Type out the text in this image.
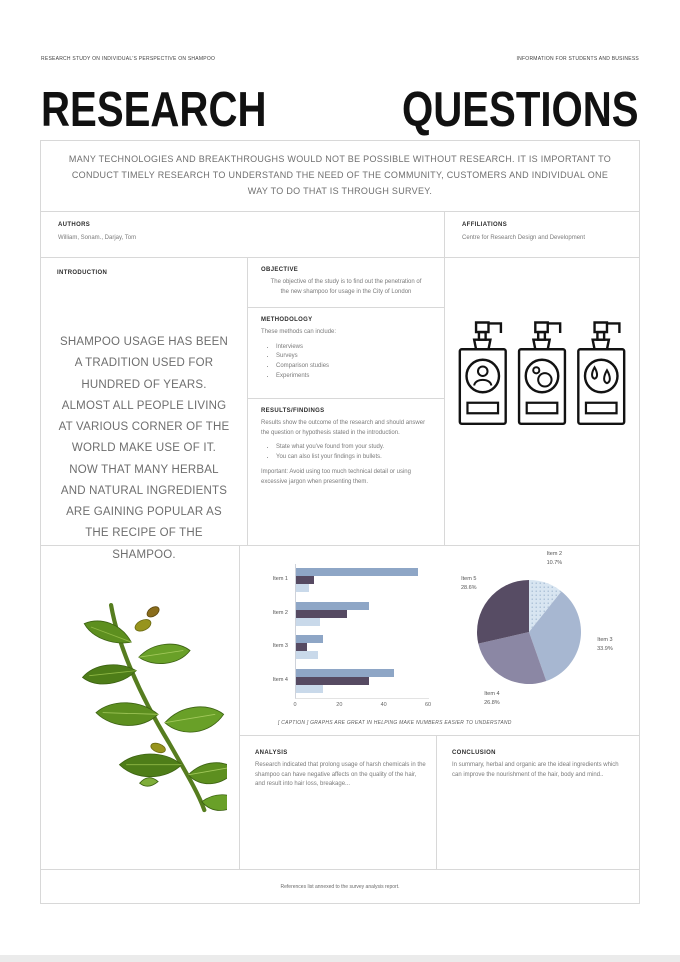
RESEARCH STUDY ON INDIVIDUAL'S PERSPECTIVE ON SHAMPOO	INFORMATION FOR STUDENTS AND BUSINESS
RESEARCH	QUESTIONS

MANY TECHNOLOGIES AND BREAKTHROUGHS WOULD NOT BE POSSIBLE WITHOUT RESEARCH. IT IS IMPORTANT TO CONDUCT TIMELY RESEARCH TO UNDERSTAND THE NEED OF THE COMMUNITY, CUSTOMERS AND INDIVIDUAL ONE WAY TO DO THAT IS THROUGH SURVEY.

AUTHORS
William, Sonam., Darjay, Tom
AFFILIATIONS
Centre for Research Design and Development
INTRODUCTION

SHAMPOO USAGE HAS BEEN A TRADITION USED FOR HUNDRED OF YEARS. ALMOST ALL PEOPLE LIVING AT VARIOUS CORNER OF THE WORLD MAKE USE OF IT. NOW THAT MANY HERBAL AND NATURAL INGREDIENTS ARE GAINING POPULAR AS THE RECIPE OF THE SHAMPOO.

OBJECTIVE

The objective of the study is to find out the penetration of the new shampoo for usage in the City of London

METHODOLOGY

These methods can include:

• Interviews
• Surveys
• Comparison studies
• Experiments
RESULTS/FINDINGS

Results show the outcome of the research and should answer the question or hypothesis stated in the introduction.

• State what you've found from your study.
• You can also list your findings in bullets.

Important: Avoid using too much technical detail or using excessive jargon when presenting them.

Item 1
Item 2
Item 3
Item 4
0	20	40	60
Item 2
10.7%
Item 3
33.9%
Item 4
26.8%
Item 5
28.6%
[ CAPTION ] GRAPHS ARE GREAT IN HELPING MAKE NUMBERS EASIER TO UNDERSTAND
ANALYSIS

Research indicated that prolong usage of harsh chemicals in the shampoo can have negative affects on the quality of the hair, and result into hair loss, breakage...

CONCLUSION

In summary, herbal and organic are the ideal ingredients which can improve the nourishment of the hair, body and mind..

References list annexed to the survey analysis report.
